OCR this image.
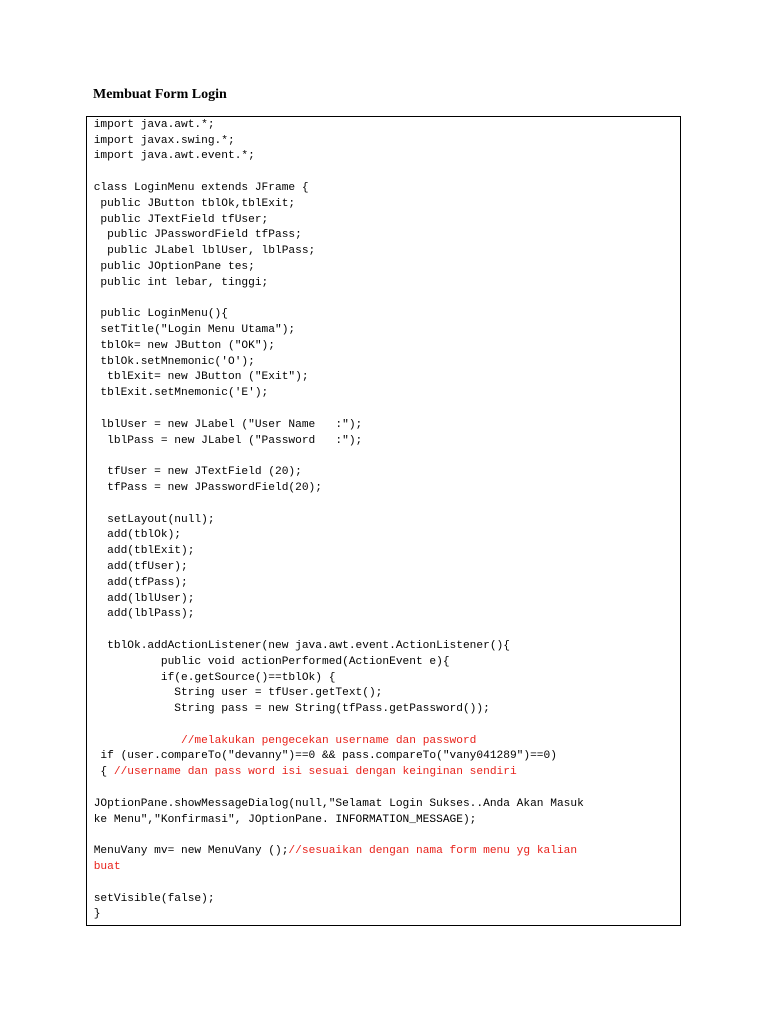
Membuat Form Login
import java.awt.*;
import javax.swing.*;
import java.awt.event.*;
class LoginMenu extends JFrame {
public JButton tblOk,tblExit;
public JTextField tfUser;
public JPasswordField tfPass;
public JLabel lblUser, lblPass;
public JOptionPane tes;
public int lebar, tinggi;
public LoginMenu(){
setTitle("Login Menu Utama");
tblOk= new JButton ("OK");
tblOk.setMnemonic('O');
tblExit= new JButton ("Exit");
tblExit.setMnemonic('E');
lblUser = new JLabel ("User Name   :");
lblPass = new JLabel ("Password   :");
tfUser = new JTextField (20);
tfPass = new JPasswordField(20);
setLayout(null);
add(tblOk);
add(tblExit);
add(tfUser);
add(tfPass);
add(lblUser);
add(lblPass);
tblOk.addActionListener(new java.awt.event.ActionListener(){
public void actionPerformed(ActionEvent e){
if(e.getSource()==tblOk) {
String user = tfUser.getText();
String pass = new String(tfPass.getPassword());
//melakukan pengecekan username dan password
if (user.compareTo("devanny")==0 && pass.compareTo("vany041289")==0)
{ //username dan pass word isi sesuai dengan keinginan sendiri
JOptionPane.showMessageDialog(null,"Selamat Login Sukses..Anda Akan Masuk
ke Menu","Konfirmasi", JOptionPane. INFORMATION_MESSAGE);
MenuVany mv= new MenuVany ();//sesuaikan dengan nama form menu yg kalian
buat
setVisible(false);
}
